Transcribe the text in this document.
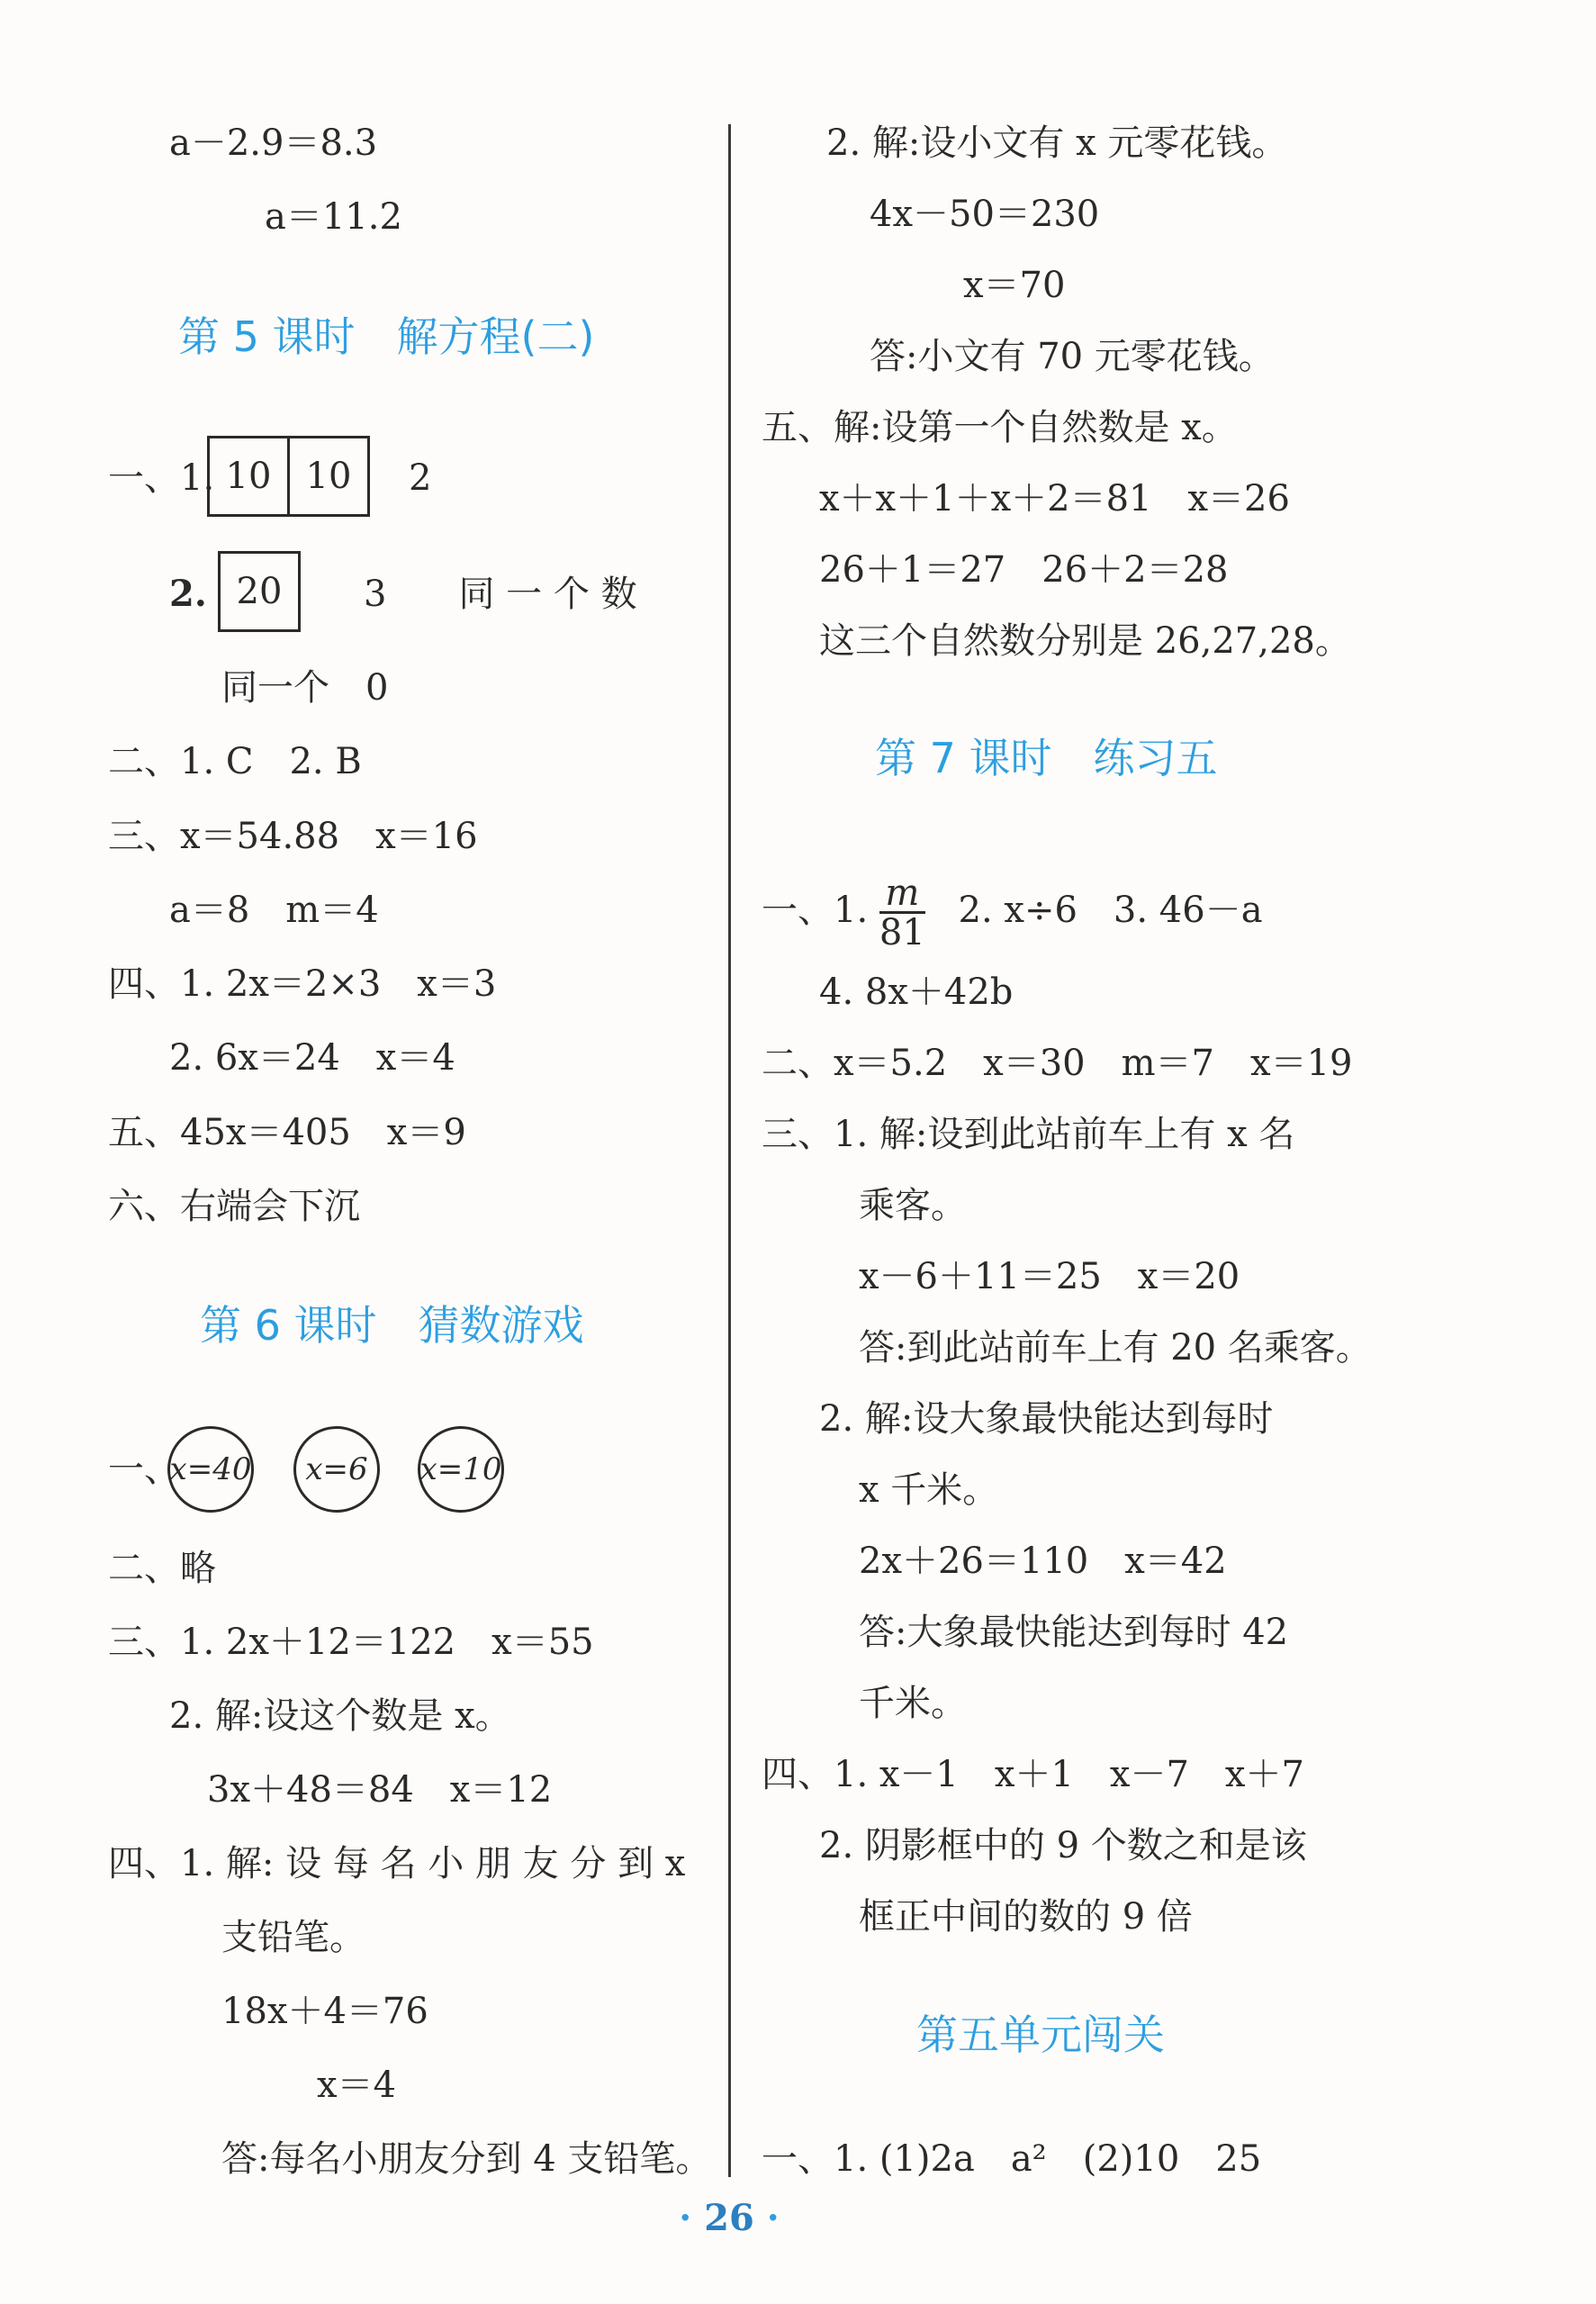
a－2.9＝8.3
a＝11.2
第 5 课时　解方程(二)
一、1. 10 10	2
2. 20	3　　同 一 个 数
同一个　0
二、1. C　2. B
三、x＝54.88　x＝16
a＝8　m＝4
四、1. 2x＝2×3　x＝3
2. 6x＝24　x＝4
五、45x＝405　x＝9
六、右端会下沉
第 6 课时　猜数游戏
一、
x=40	x=6	x=10
二、略
三、1. 2x＋12＝122　x＝55
2. 解:设这个数是 x。
3x＋48＝84　x＝12
四、1. 解: 设 每 名 小 朋 友 分 到 x
支铅笔。
18x＋4＝76
x＝4
答:每名小朋友分到 4 支铅笔。
2. 解:设小文有 x 元零花钱。
4x－50＝230
x＝70
答:小文有 70 元零花钱。
五、解:设第一个自然数是 x。
x＋x＋1＋x＋2＝81　x＝26
26＋1＝27　26＋2＝28
这三个自然数分别是 26,27,28。
第 7 课时　练习五
一、1. $\frac{m}{81} 2$. x÷6　3. 46－a
4. 8x＋42b
二、x＝5.2　x＝30　m＝7　x＝19
三、1. 解:设到此站前车上有 x 名
乘客。
x－6＋11＝25　x＝20
答:到此站前车上有 20 名乘客。
2. 解:设大象最快能达到每时
x 千米。
2x＋26＝110　x＝42
答:大象最快能达到每时 42
千米。
四、1. x－1　x＋1　x－7　x＋7
2. 阴影框中的 9 个数之和是该
框正中间的数的 9 倍
第五单元闯关
一、1. (1)2a　a²　(2)10　25
· 26 ·
